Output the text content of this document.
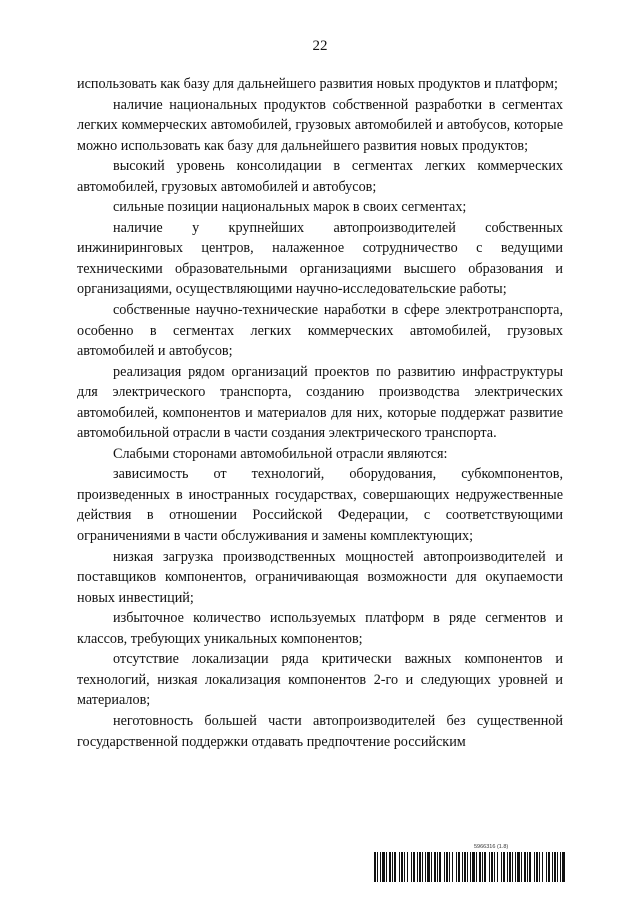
22

использовать как базу для дальнейшего развития новых продуктов и платформ;

наличие национальных продуктов собственной разработки в сегментах легких коммерческих автомобилей, грузовых автомобилей и автобусов, которые можно использовать как базу для дальнейшего развития новых продуктов;

высокий уровень консолидации в сегментах легких коммерческих автомобилей, грузовых автомобилей и автобусов;

сильные позиции национальных марок в своих сегментах;

наличие у крупнейших автопроизводителей собственных инжиниринговых центров, налаженное сотрудничество с ведущими техническими образовательными организациями высшего образования и организациями, осуществляющими научно-исследовательские работы;

собственные научно-технические наработки в сфере электротранспорта, особенно в сегментах легких коммерческих автомобилей, грузовых автомобилей и автобусов;

реализация рядом организаций проектов по развитию инфраструктуры для электрического транспорта, созданию производства электрических автомобилей, компонентов и материалов для них, которые поддержат развитие автомобильной отрасли в части создания электрического транспорта.

Слабыми сторонами автомобильной отрасли являются:

зависимость от технологий, оборудования, субкомпонентов, произведенных в иностранных государствах, совершающих недружественные действия в отношении Российской Федерации, с соответствующими ограничениями в части обслуживания и замены комплектующих;

низкая загрузка производственных мощностей автопроизводителей и поставщиков компонентов, ограничивающая возможности для окупаемости новых инвестиций;

избыточное количество используемых платформ в ряде сегментов и классов, требующих уникальных компонентов;

отсутствие локализации ряда критически важных компонентов и технологий, низкая локализация компонентов 2-го и следующих уровней и материалов;

неготовность большей части автопроизводителей без существенной государственной поддержки отдавать предпочтение российским

5966316 (1.8)
